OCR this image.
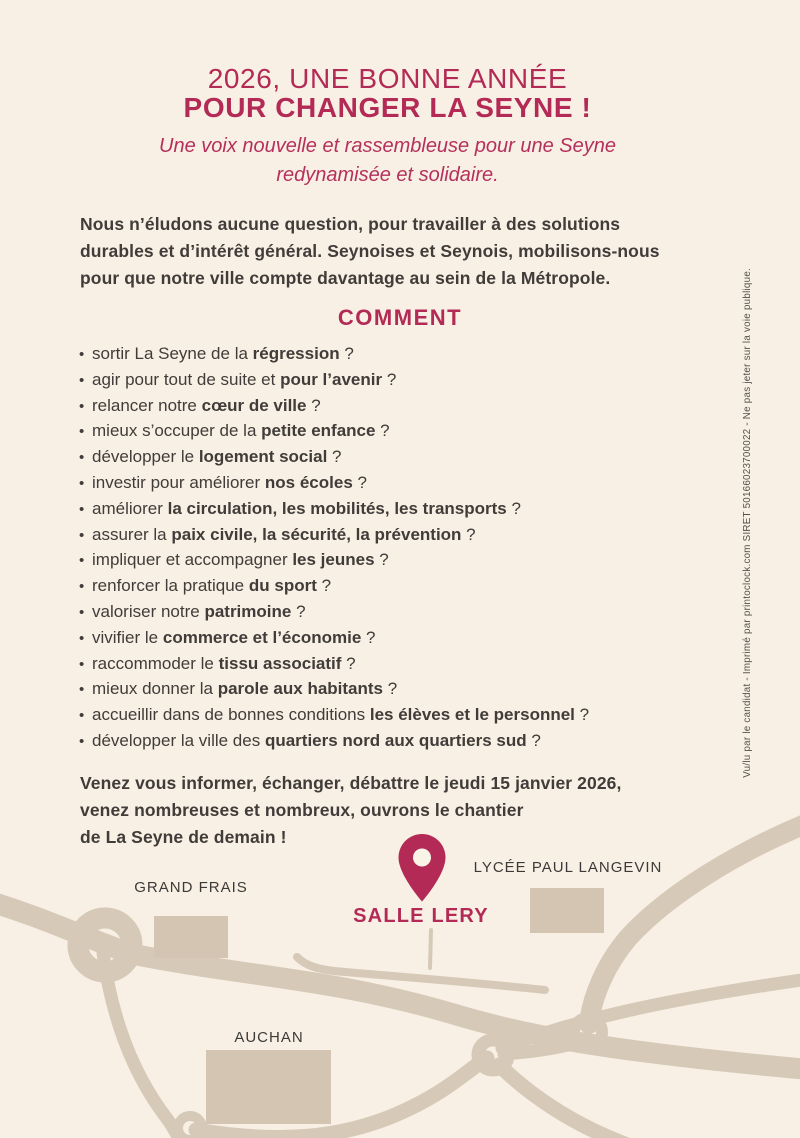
2026, UNE BONNE ANNÉE
POUR CHANGER LA SEYNE !
Une voix nouvelle et rassembleuse pour une Seyne
redynamisée et solidaire.
Nous n’éludons aucune question, pour travailler à des solutions
durables et d’intérêt général. Seynoises et Seynois, mobilisons-nous
pour que notre ville compte davantage au sein de la Métropole.
COMMENT
• sortir La Seyne de la régression ?
• agir pour tout de suite et pour l’avenir ?
• relancer notre cœur de ville ?
• mieux s’occuper de la petite enfance ?
• développer le logement social ?
• investir pour améliorer nos écoles ?
• améliorer la circulation, les mobilités, les transports ?
• assurer la paix civile, la sécurité, la prévention ?
• impliquer et accompagner les jeunes ?
• renforcer la pratique du sport ?
• valoriser notre patrimoine ?
• vivifier le commerce et l’économie ?
• raccommoder le tissu associatif ?
• mieux donner la parole aux habitants ?
• accueillir dans de bonnes conditions les élèves et le personnel ?
• développer la ville des quartiers nord aux quartiers sud ?
Venez vous informer, échanger, débattre le jeudi 15 janvier 2026,
venez nombreuses et nombreux, ouvrons le chantier
de La Seyne de demain !
Vu/lu par le candidat - Imprimé par printoclock.com SIRET 50166023700022 - Ne pas jeter sur la voie publique.
GRAND FRAIS
LYCÉE PAUL LANGEVIN
AUCHAN
SALLE LERY
